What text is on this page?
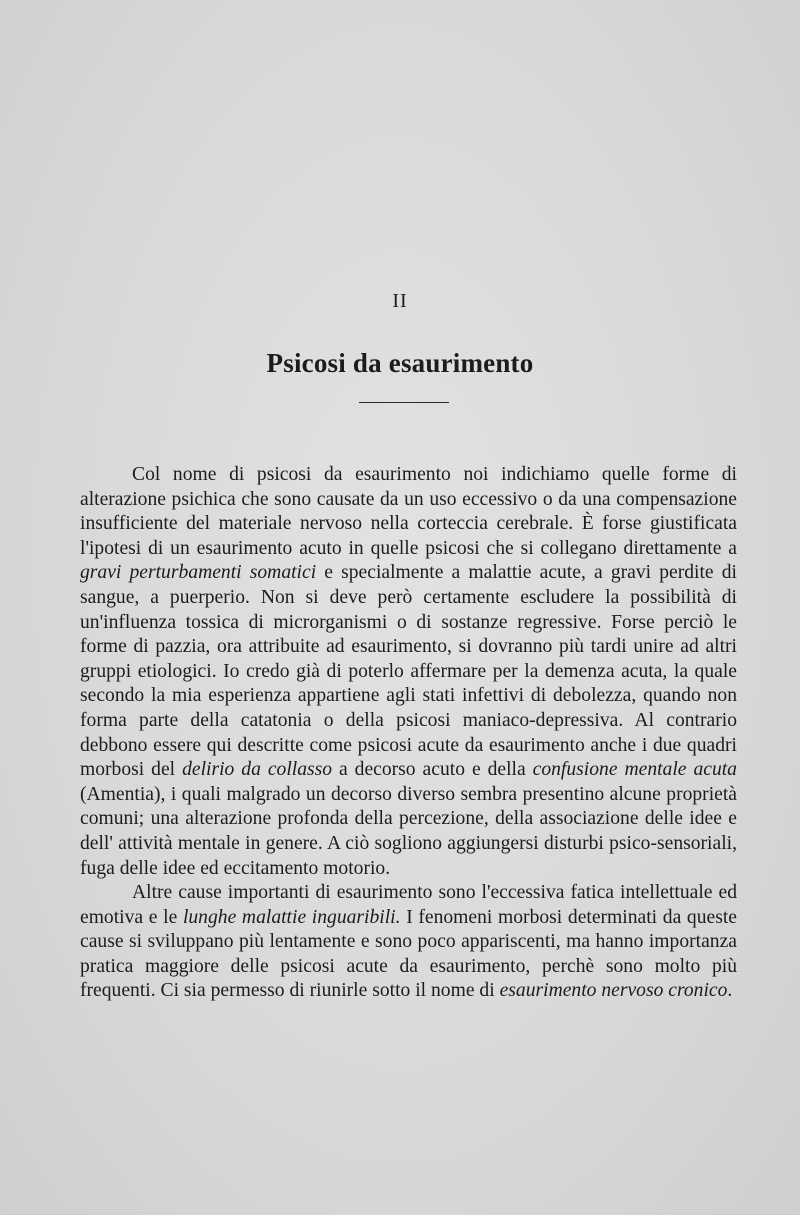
II
Psicosi da esaurimento

Col nome di psicosi da esaurimento noi indichiamo quelle forme di alterazione psichica che sono causate da un uso eccessivo o da una compensazione insufficiente del materiale nervoso nella corteccia cerebrale. È forse giustificata l'ipotesi di un esaurimento acuto in quelle psicosi che si collegano direttamente a gravi perturbamenti somatici e specialmente a malattie acute, a gravi perdite di sangue, a puerperio. Non si deve però certamente escludere la possibilità di un'influenza tossica di microrganismi o di sostanze regressive. Forse perciò le forme di pazzia, ora attribuite ad esaurimento, si dovranno più tardi unire ad altri gruppi etiologici. Io credo già di poterlo affermare per la demenza acuta, la quale secondo la mia esperienza appartiene agli stati infettivi di debolezza, quando non forma parte della catatonia o della psicosi maniaco-depressiva. Al contrario debbono essere qui descritte come psicosi acute da esaurimento anche i due quadri morbosi del delirio da collasso a decorso acuto e della confusione mentale acuta (Amentia), i quali malgrado un decorso diverso sembra presentino alcune proprietà comuni; una alterazione profonda della percezione, della associazione delle idee e dell' attività mentale in genere. A ciò sogliono aggiungersi disturbi psico-sensoriali, fuga delle idee ed eccitamento motorio.

Altre cause importanti di esaurimento sono l'eccessiva fatica intellettuale ed emotiva e le lunghe malattie inguaribili. I fenomeni morbosi determinati da queste cause si sviluppano più lentamente e sono poco appariscenti, ma hanno importanza pratica maggiore delle psicosi acute da esaurimento, perchè sono molto più frequenti. Ci sia permesso di riunirle sotto il nome di esaurimento nervoso cronico.
